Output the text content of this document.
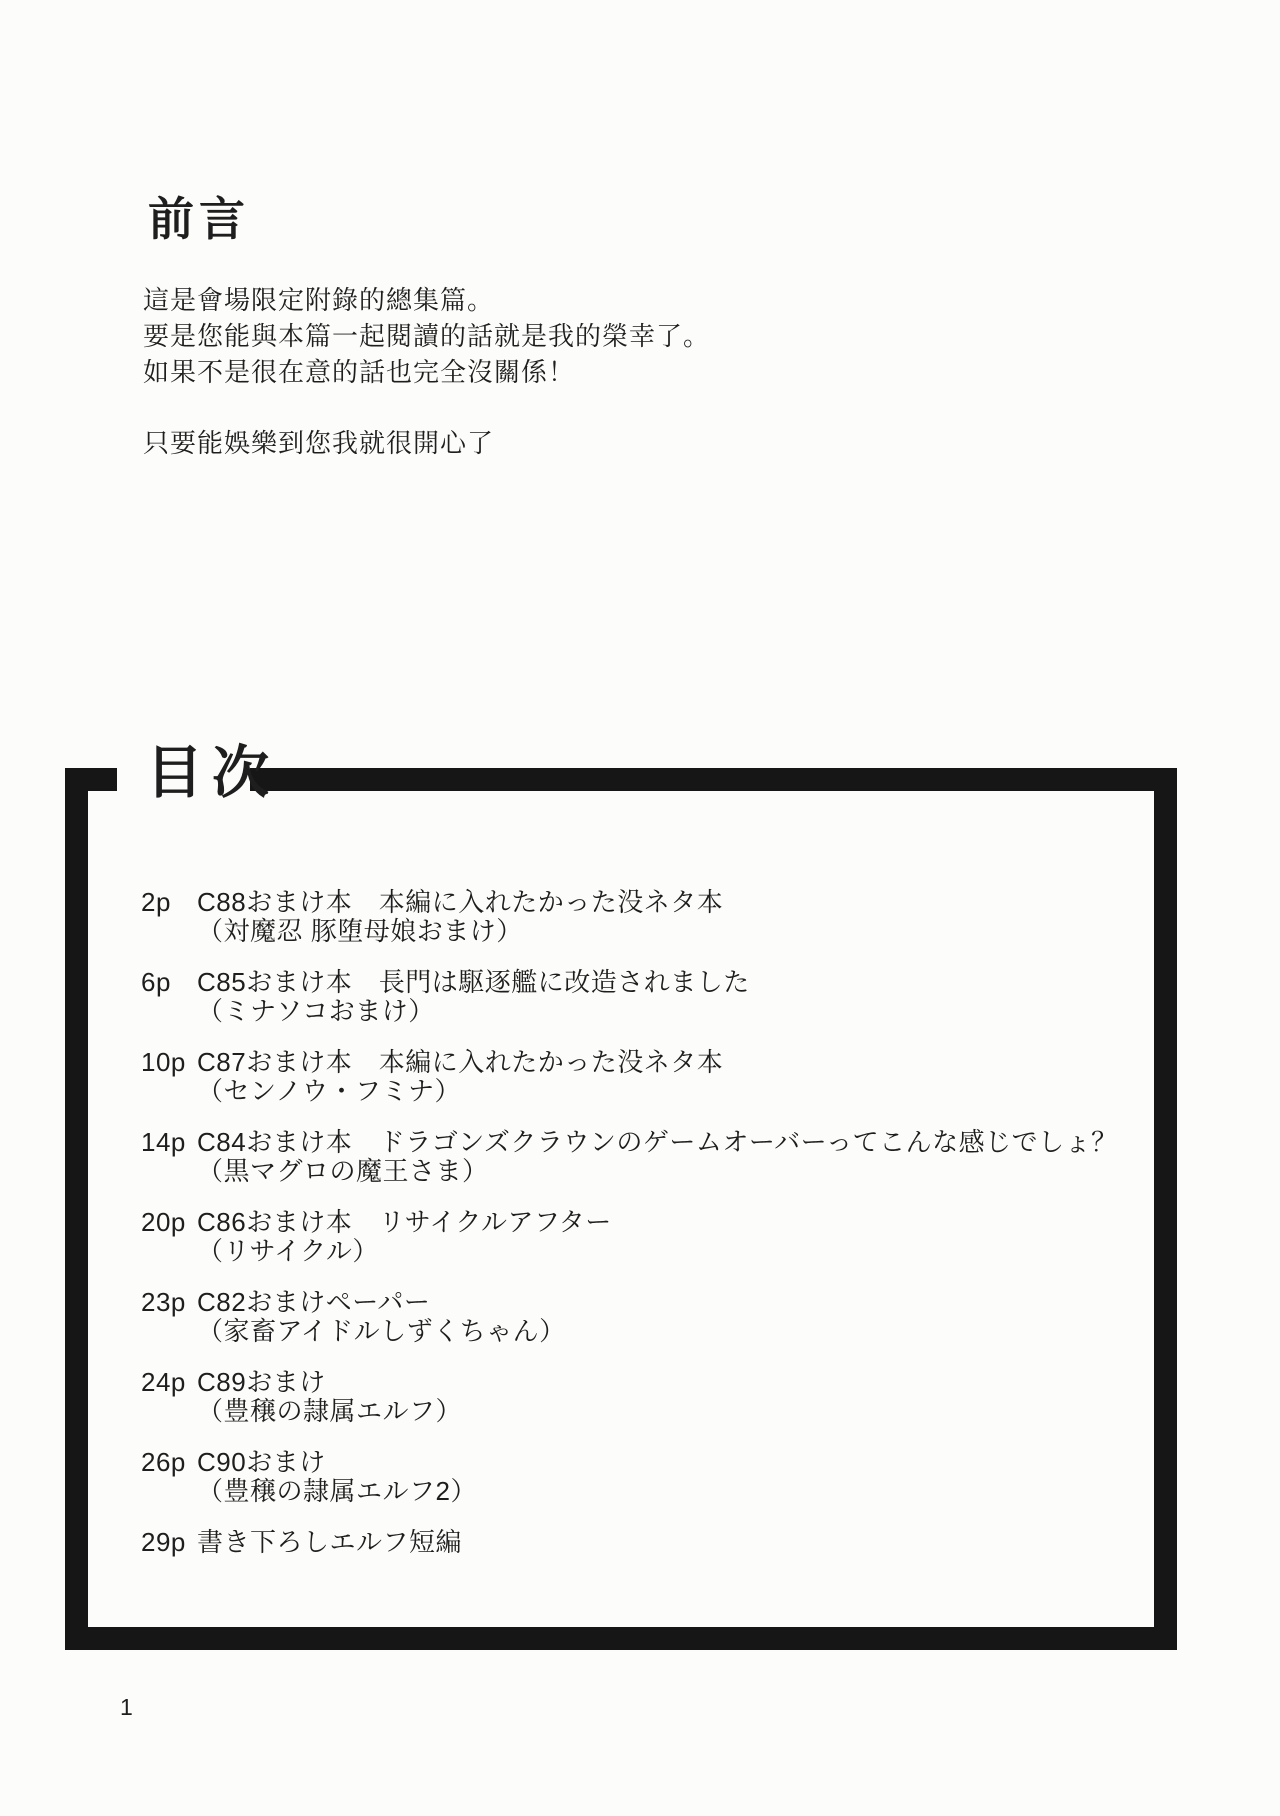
前言

這是會場限定附錄的總集篇。

要是您能與本篇一起閱讀的話就是我的榮幸了。

如果不是很在意的話也完全沒關係！

只要能娛樂到您我就很開心了

目次
2p	C88おまけ本　本編に入れたかった没ネタ本
（対魔忍 豚堕母娘おまけ）
6p	C85おまけ本　長門は駆逐艦に改造されました
（ミナソコおまけ）
10p C87おまけ本　本編に入れたかった没ネタ本
（センノウ・フミナ）
14p C84おまけ本　ドラゴンズクラウンのゲームオーバーってこんな感じでしょ？
（黒マグロの魔王さま）
20p C86おまけ本　リサイクルアフター
（リサイクル）
23p C82おまけペーパー
（家畜アイドルしずくちゃん）
24p C89おまけ
（豊穣の隷属エルフ）
26p C90おまけ
（豊穣の隷属エルフ2）
29p 書き下ろしエルフ短編
1
